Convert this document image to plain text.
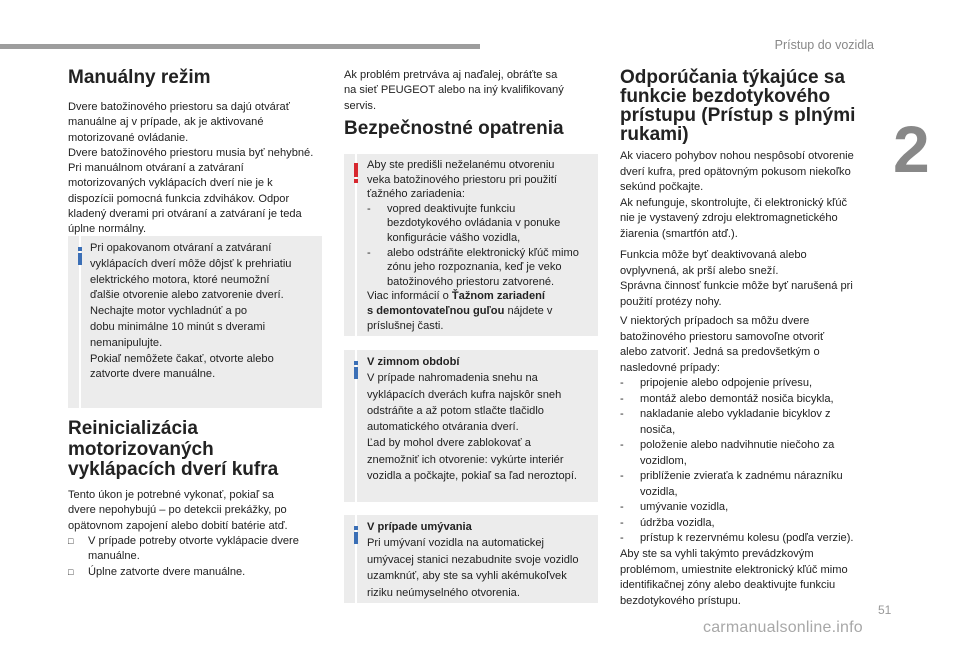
Prístup do vozidla
2
51
carmanualsonline.info
Manuálny režim

Dvere batožinového priestoru sa dajú otvárať
manuálne aj v prípade, ak je aktivované
motorizované ovládanie.
Dvere batožinového priestoru musia byť nehybné.
Pri manuálnom otváraní a zatváraní
motorizovaných vyklápacích dverí nie je k
dispozícii pomocná funkcia zdvihákov. Odpor
kladený dverami pri otváraní a zatváraní je teda
úplne normálny.

Pri opakovanom otváraní a zatváraní
vyklápacích dverí môže dôjsť k prehriatiu
elektrického motora, ktoré neumožní
ďalšie otvorenie alebo zatvorenie dverí.
Nechajte motor vychladnúť a po
dobu minimálne 10 minút s dverami
nemanipulujte.
Pokiaľ nemôžete čakať, otvorte alebo
zatvorte dvere manuálne.

Reinicializácia
motorizovaných
vyklápacích dverí kufra

Tento úkon je potrebné vykonať, pokiaľ sa
dvere nepohybujú – po detekcii prekážky, po
opätovnom zapojení alebo dobití batérie atď.

□ V prípade potreby otvorte vyklápacie dvere
manuálne.
□ Úplne zatvorte dvere manuálne.

Ak problém pretrváva aj naďalej, obráťte sa
na sieť PEUGEOT alebo na iný kvalifikovaný
servis.

Bezpečnostné opatrenia
Aby ste predišli neželanému otvoreniu
veka batožinového priestoru pri použití
ťažného zariadenia:
- vopred deaktivujte funkciu
bezdotykového ovládania v ponuke
konfigurácie vášho vozidla,
- alebo odstráňte elektronický kľúč mimo
zónu jeho rozpoznania, keď je veko
batožinového priestoru zatvorené.
Viac informácií o Ťažnom zariadení
s demontovateľnou guľou nájdete v
príslušnej časti.
V zimnom období
V prípade nahromadenia snehu na
vyklápacích dverách kufra najskôr sneh
odstráňte a až potom stlačte tlačidlo
automatického otvárania dverí.
Ľad by mohol dvere zablokovať a
znemožniť ich otvorenie: vykúrte interiér
vozidla a počkajte, pokiaľ sa ľad neroztopí.
V prípade umývania
Pri umývaní vozidla na automatickej
umývacej stanici nezabudnite svoje vozidlo
uzamknúť, aby ste sa vyhli akémukoľvek
riziku neúmyselného otvorenia.
Odporúčania týkajúce sa
funkcie bezdotykového
prístupu (Prístup s plnými
rukami)

Ak viacero pohybov nohou nespôsobí otvorenie
dverí kufra, pred opätovným pokusom niekoľko
sekúnd počkajte.
Ak nefunguje, skontrolujte, či elektronický kľúč
nie je vystavený zdroju elektromagnetického
žiarenia (smartfón atď.).

Funkcia môže byť deaktivovaná alebo
ovplyvnená, ak prší alebo sneží.
Správna činnosť funkcie môže byť narušená pri
použití protézy nohy.

V niektorých prípadoch sa môžu dvere
batožinového priestoru samovoľne otvoriť
alebo zatvoriť. Jedná sa predovšetkým o
nasledovné prípady:

- pripojenie alebo odpojenie prívesu,
- montáž alebo demontáž nosiča bicykla,
- nakladanie alebo vykladanie bicyklov z
nosiča,
- položenie alebo nadvihnutie niečoho za
vozidlom,
- priblíženie zvieraťa k zadnému nárazníku
vozidla,
- umývanie vozidla,
- údržba vozidla,
- prístup k rezervnému kolesu (podľa verzie).

Aby ste sa vyhli takýmto prevádzkovým
problémom, umiestnite elektronický kľúč mimo
identifikačnej zóny alebo deaktivujte funkciu
bezdotykového prístupu.
